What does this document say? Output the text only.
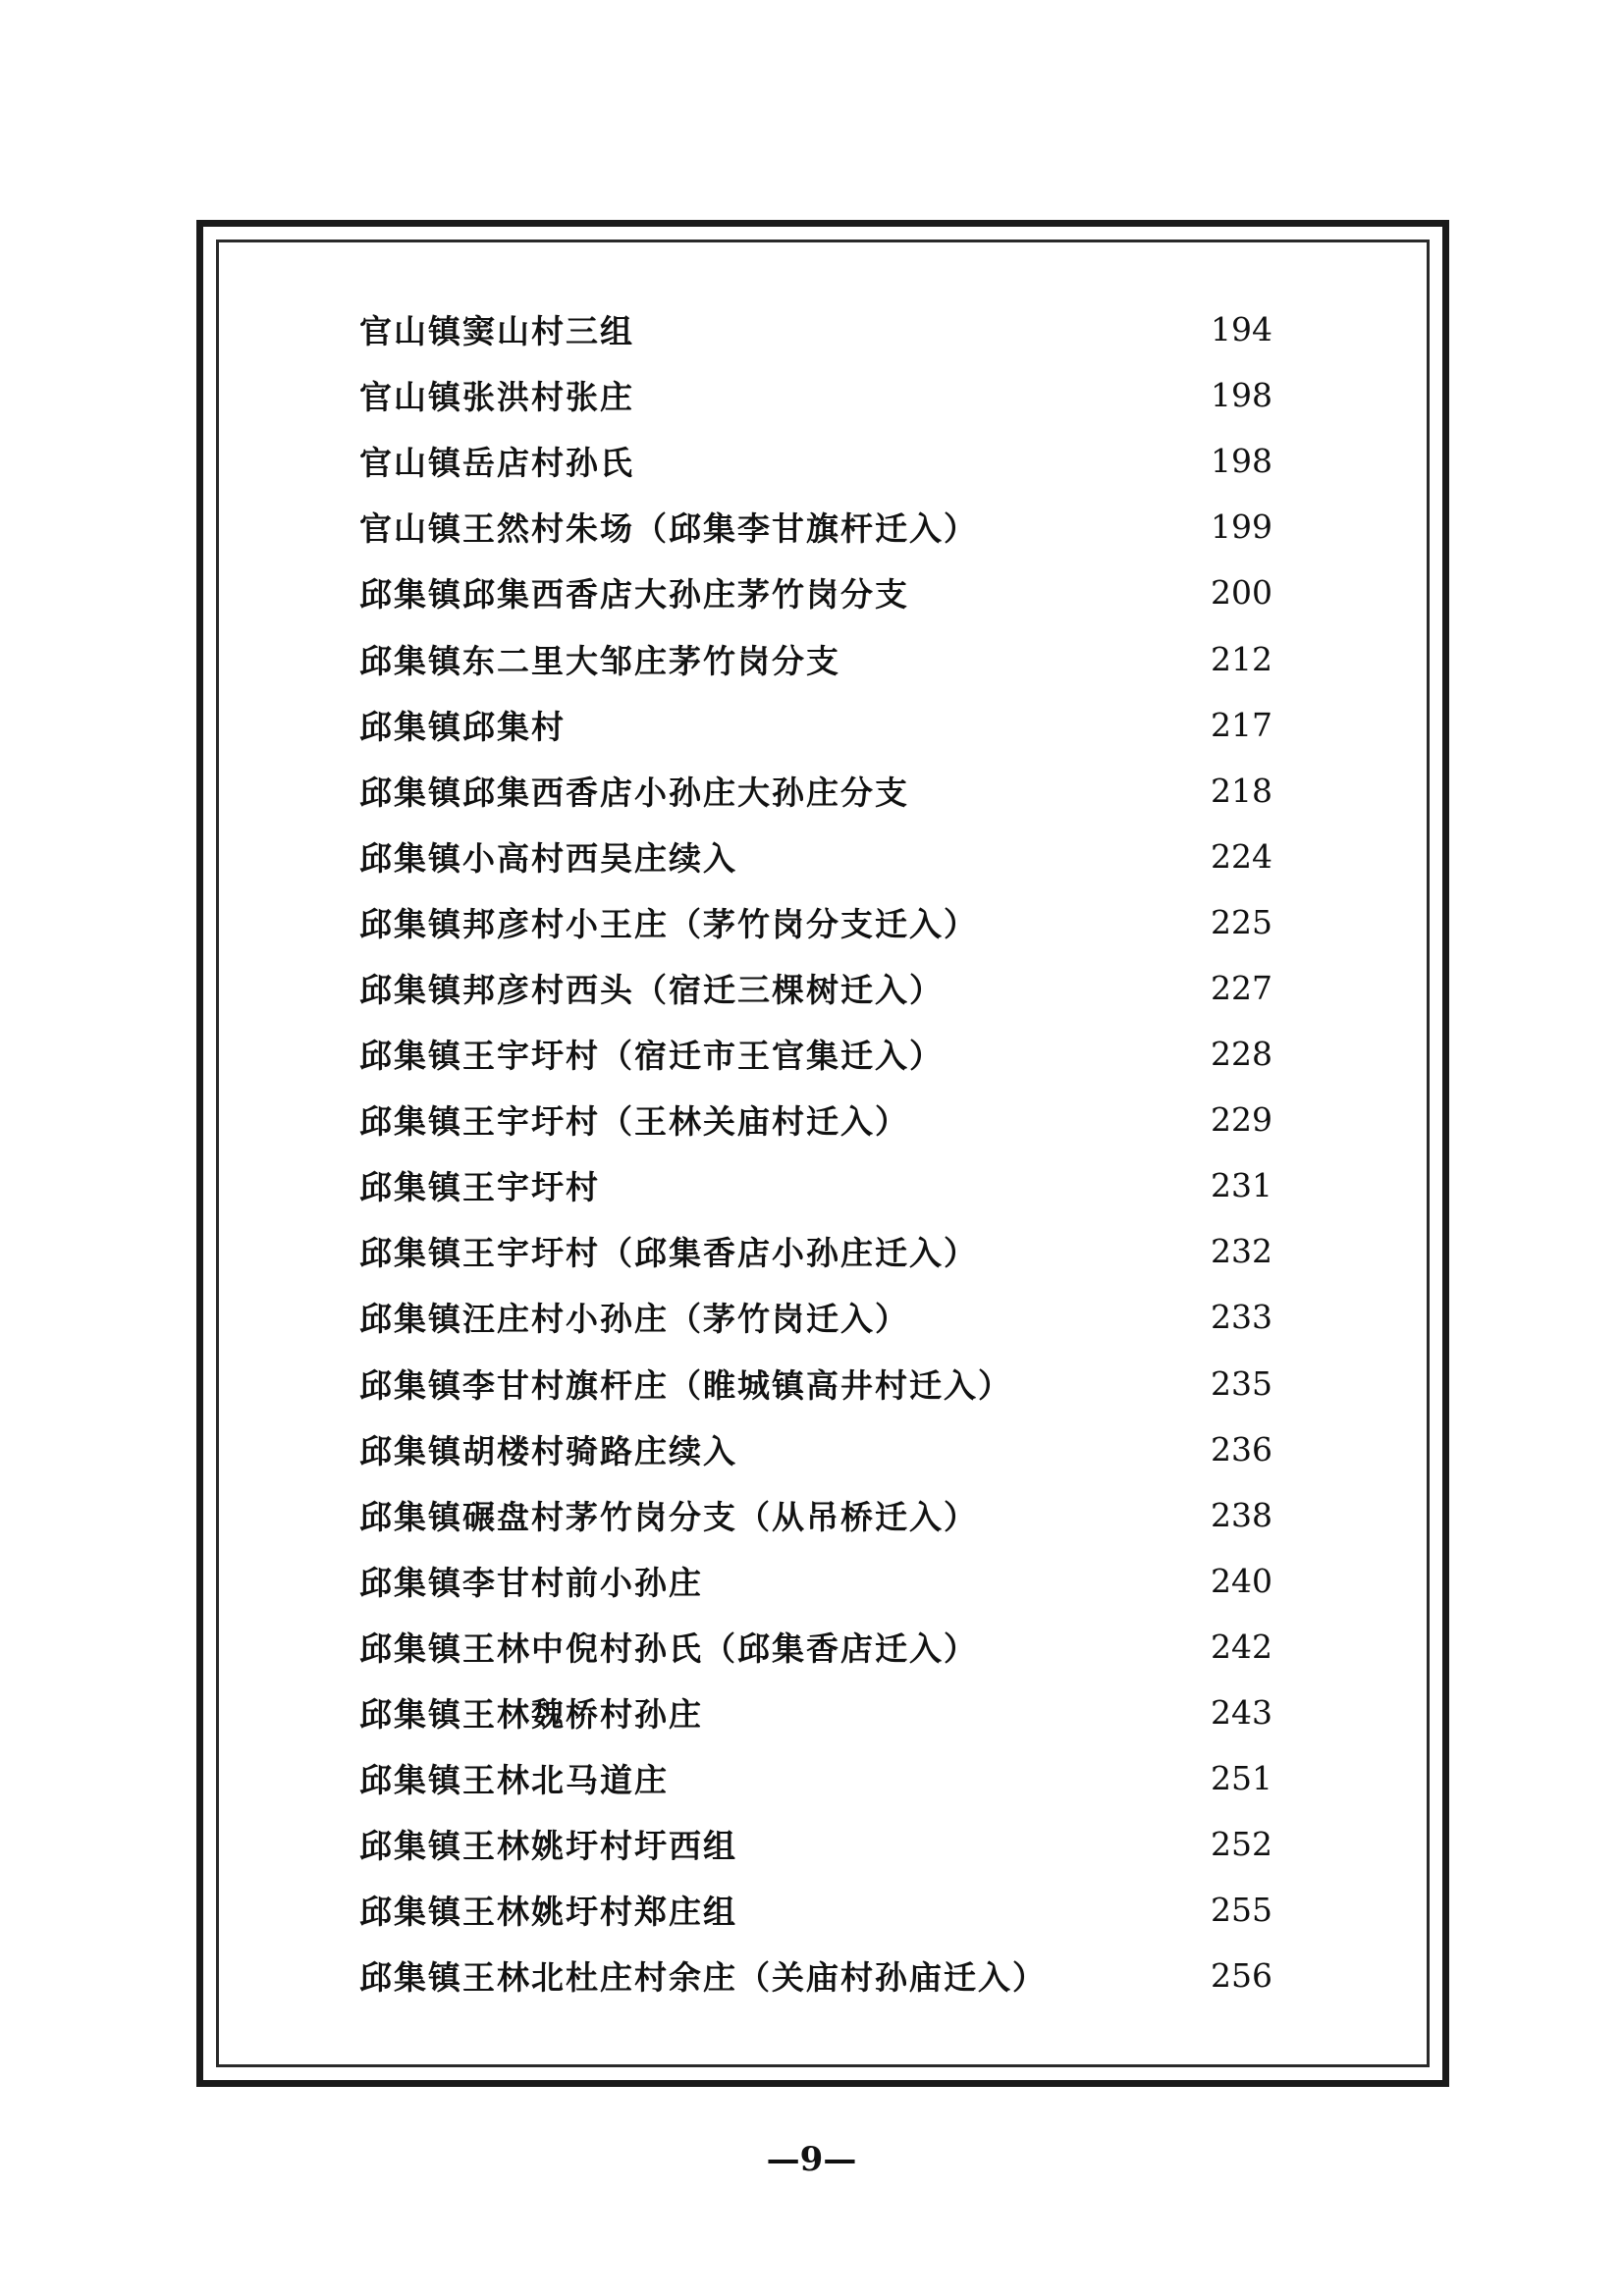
官山镇窦山村三组	194
官山镇张洪村张庄	198
官山镇岳店村孙氏	198
官山镇王然村朱场（邱集李甘旗杆迁入）	199
邱集镇邱集西香店大孙庄茅竹岗分支	200
邱集镇东二里大邹庄茅竹岗分支	212
邱集镇邱集村	217
邱集镇邱集西香店小孙庄大孙庄分支	218
邱集镇小高村西吴庄续入	224
邱集镇邦彦村小王庄（茅竹岗分支迁入）	225
邱集镇邦彦村西头（宿迁三棵树迁入）	227
邱集镇王宇圩村（宿迁市王官集迁入）	228
邱集镇王宇圩村（王林关庙村迁入）	229
邱集镇王宇圩村	231
邱集镇王宇圩村（邱集香店小孙庄迁入）	232
邱集镇汪庄村小孙庄（茅竹岗迁入）	233
邱集镇李甘村旗杆庄（睢城镇高井村迁入）	235
邱集镇胡楼村骑路庄续入	236
邱集镇碾盘村茅竹岗分支（从吊桥迁入）	238
邱集镇李甘村前小孙庄	240
邱集镇王林中倪村孙氏（邱集香店迁入）	242
邱集镇王林魏桥村孙庄	243
邱集镇王林北马道庄	251
邱集镇王林姚圩村圩西组	252
邱集镇王林姚圩村郑庄组	255
邱集镇王林北杜庄村余庄（关庙村孙庙迁入）	256
—9—
